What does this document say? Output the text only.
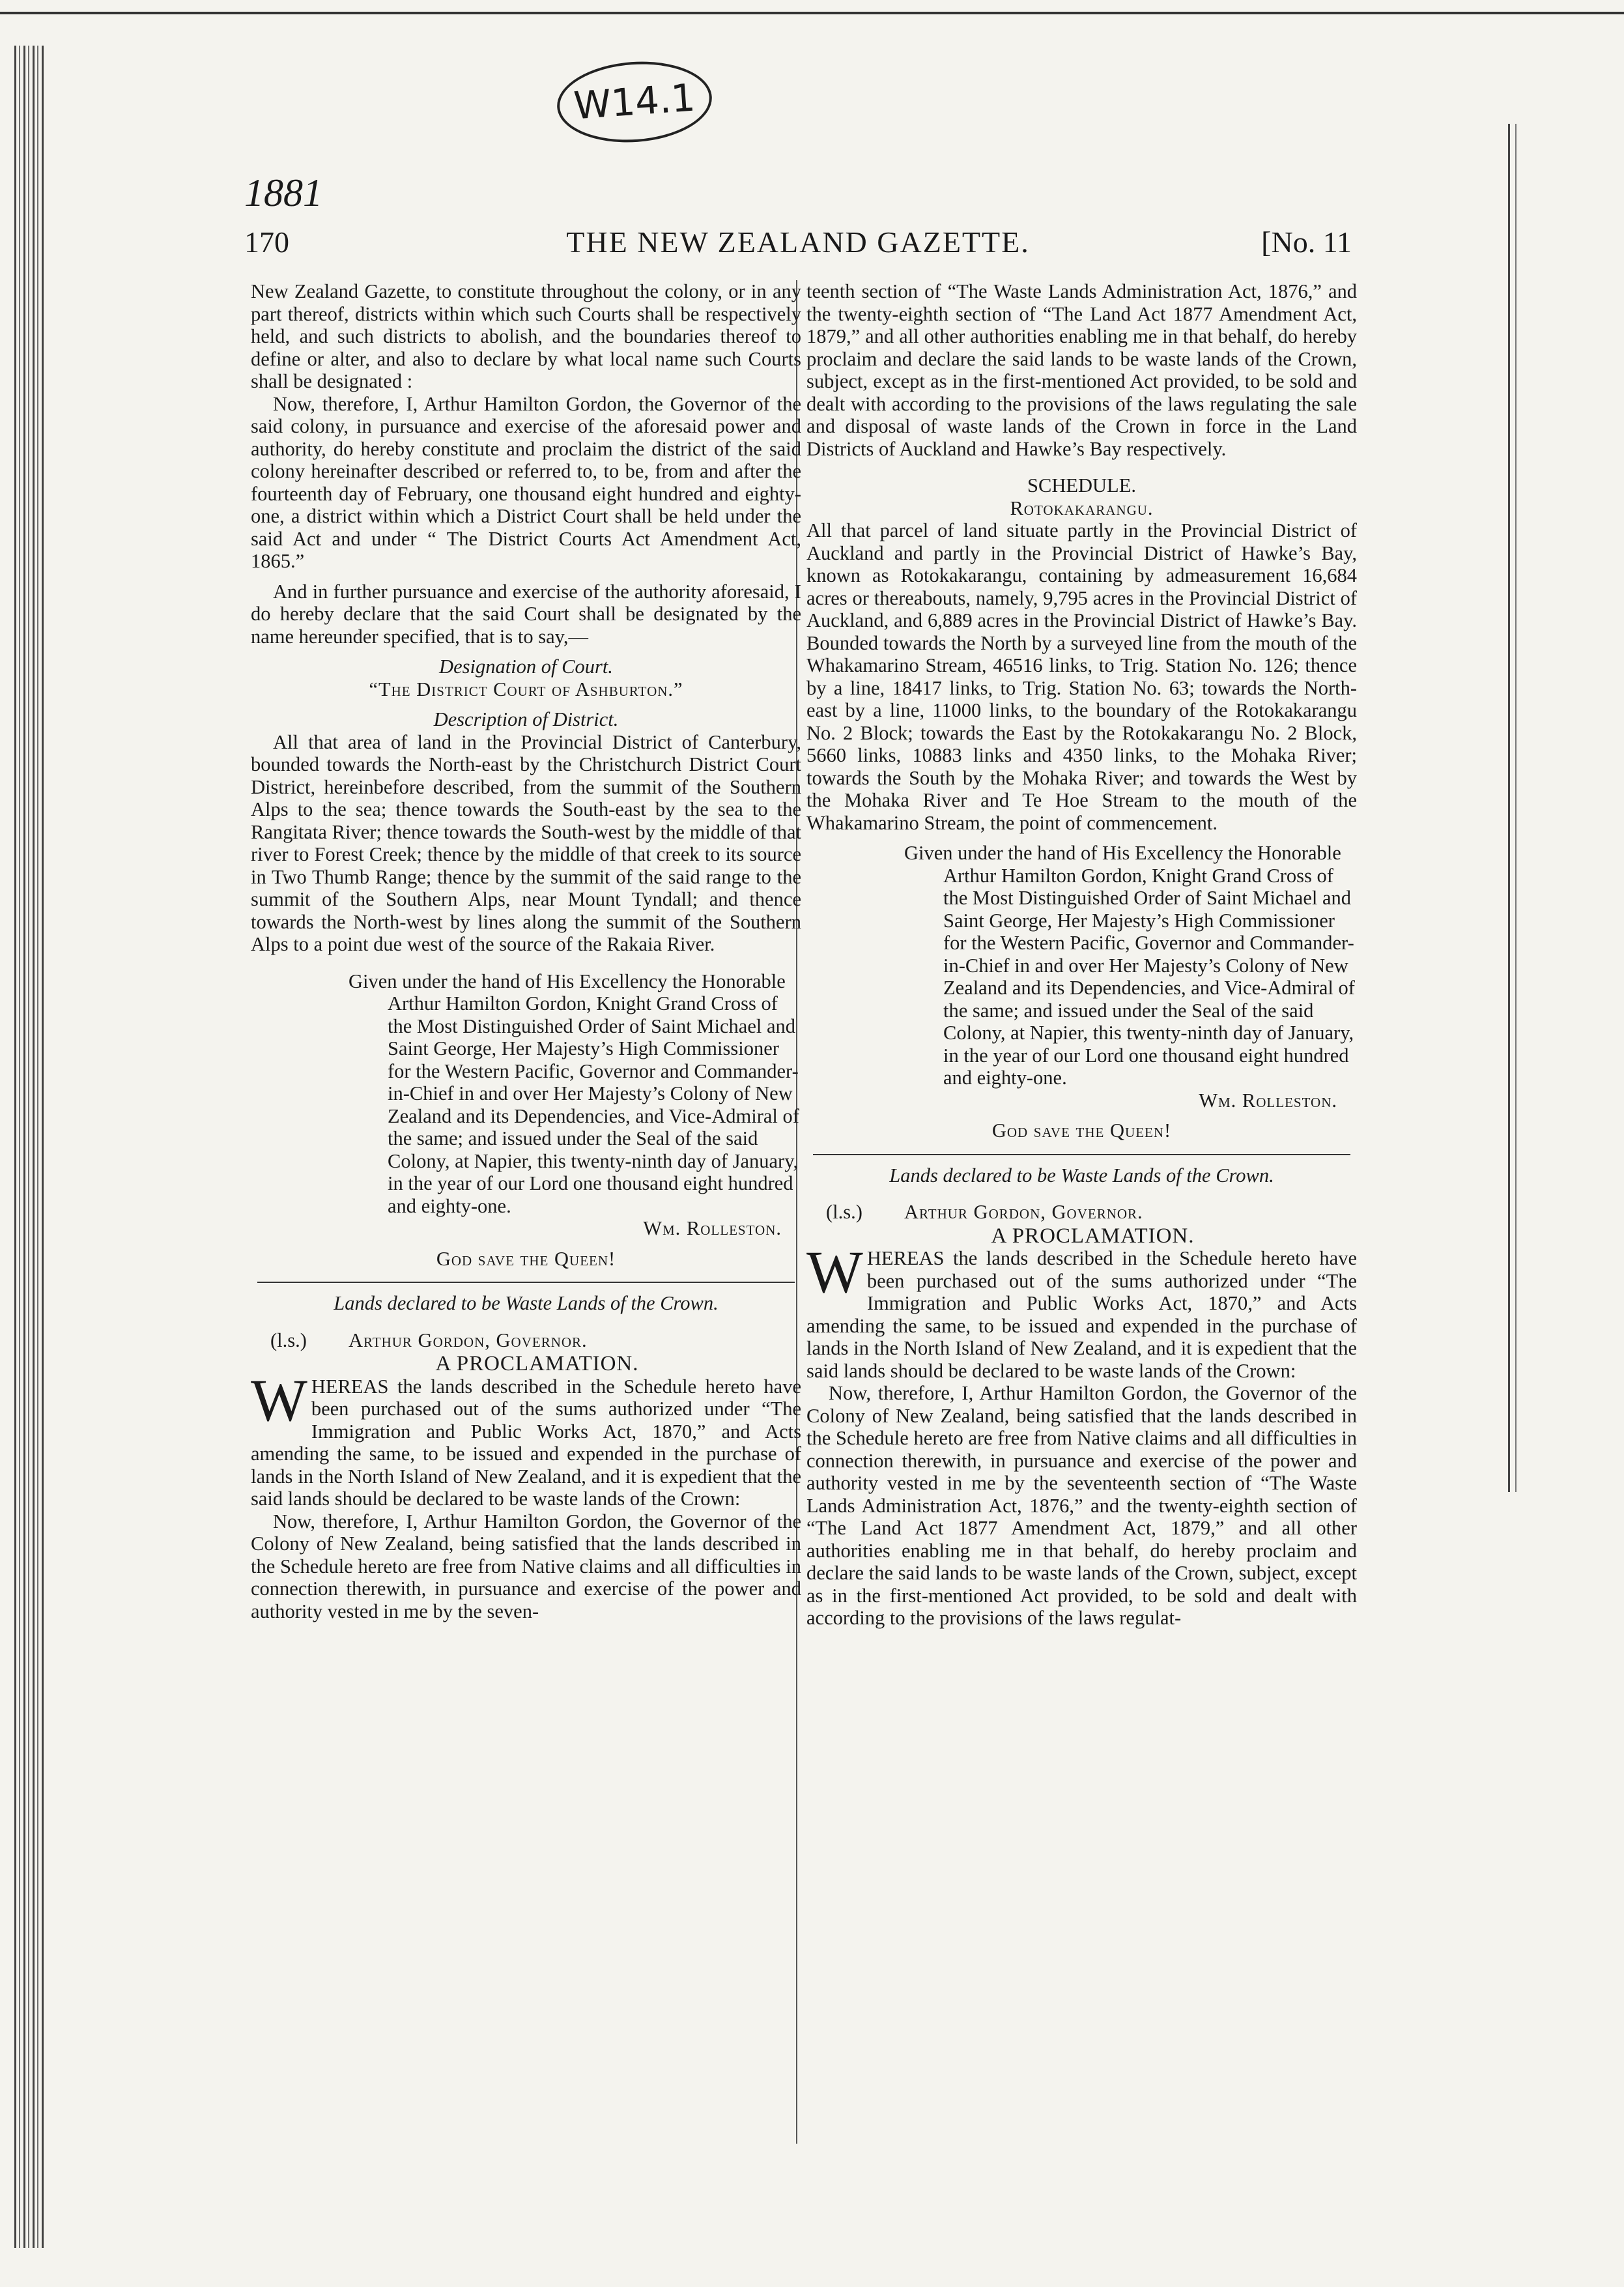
W14.1
1881
170	THE NEW ZEALAND GAZETTE.	[No. 11

New Zealand Gazette, to constitute throughout the colony, or in any part thereof, districts within which such Courts shall be respectively held, and such districts to abolish, and the boundaries thereof to define or alter, and also to declare by what local name such Courts shall be designated :

Now, therefore, I, Arthur Hamilton Gordon, the Governor of the said colony, in pursuance and exercise of the aforesaid power and authority, do hereby constitute and proclaim the district of the said colony hereinafter described or referred to, to be, from and after the fourteenth day of February, one thousand eight hundred and eighty-one, a district within which a District Court shall be held under the said Act and under “ The District Courts Act Amendment Act, 1865.”

And in further pursuance and exercise of the authority aforesaid, I do hereby declare that the said Court shall be designated by the name hereunder specified, that is to say,—

Designation of Court.

“The District Court of Ashburton.”

Description of District.

All that area of land in the Provincial District of Canterbury, bounded towards the North-east by the Christchurch District Court District, hereinbefore described, from the summit of the Southern Alps to the sea; thence towards the South-east by the sea to the Rangitata River; thence towards the South-west by the middle of that river to Forest Creek; thence by the middle of that creek to its source in Two Thumb Range; thence by the summit of the said range to the summit of the Southern Alps, near Mount Tyndall; and thence towards the North-west by lines along the summit of the Southern Alps to a point due west of the source of the Rakaia River.

Given under the hand of His Excellency the Honorable Arthur Hamilton Gordon, Knight Grand Cross of the Most Distinguished Order of Saint Michael and Saint George, Her Majesty’s High Commissioner for the Western Pacific, Governor and Commander-in-Chief in and over Her Majesty’s Colony of New Zealand and its Dependencies, and Vice-Admiral of the same; and issued under the Seal of the said Colony, at Napier, this twenty-ninth day of January, in the year of our Lord one thousand eight hundred and eighty-one.

Wm. Rolleston.

God save the Queen!

Lands declared to be Waste Lands of the Crown.

(l.s.) Arthur Gordon, Governor.

A PROCLAMATION.

WHEREAS the lands described in the Schedule hereto have been purchased out of the sums authorized under “The Immigration and Public Works Act, 1870,” and Acts amending the same, to be issued and expended in the purchase of lands in the North Island of New Zealand, and it is expedient that the said lands should be declared to be waste lands of the Crown:

Now, therefore, I, Arthur Hamilton Gordon, the Governor of the Colony of New Zealand, being satisfied that the lands described in the Schedule hereto are free from Native claims and all difficulties in connection therewith, in pursuance and exercise of the power and authority vested in me by the seven-

teenth section of “The Waste Lands Administration Act, 1876,” and the twenty-eighth section of “The Land Act 1877 Amendment Act, 1879,” and all other authorities enabling me in that behalf, do hereby proclaim and declare the said lands to be waste lands of the Crown, subject, except as in the first-mentioned Act provided, to be sold and dealt with according to the provisions of the laws regulating the sale and disposal of waste lands of the Crown in force in the Land Districts of Auckland and Hawke’s Bay respectively.

SCHEDULE.

Rotokakarangu.

All that parcel of land situate partly in the Provincial District of Auckland and partly in the Provincial District of Hawke’s Bay, known as Rotokakarangu, containing by admeasurement 16,684 acres or thereabouts, namely, 9,795 acres in the Provincial District of Auckland, and 6,889 acres in the Provincial District of Hawke’s Bay. Bounded towards the North by a surveyed line from the mouth of the Whakamarino Stream, 46516 links, to Trig. Station No. 126; thence by a line, 18417 links, to Trig. Station No. 63; towards the North-east by a line, 11000 links, to the boundary of the Rotokakarangu No. 2 Block; towards the East by the Rotokakarangu No. 2 Block, 5660 links, 10883 links and 4350 links, to the Mohaka River; towards the South by the Mohaka River; and towards the West by the Mohaka River and Te Hoe Stream to the mouth of the Whakamarino Stream, the point of commencement.

Given under the hand of His Excellency the Honorable Arthur Hamilton Gordon, Knight Grand Cross of the Most Distinguished Order of Saint Michael and Saint George, Her Majesty’s High Commissioner for the Western Pacific, Governor and Commander-in-Chief in and over Her Majesty’s Colony of New Zealand and its Dependencies, and Vice-Admiral of the same; and issued under the Seal of the said Colony, at Napier, this twenty-ninth day of January, in the year of our Lord one thousand eight hundred and eighty-one.

Wm. Rolleston.

God save the Queen!

Lands declared to be Waste Lands of the Crown.

(l.s.) Arthur Gordon, Governor.

A PROCLAMATION.

WHEREAS the lands described in the Schedule hereto have been purchased out of the sums authorized under “The Immigration and Public Works Act, 1870,” and Acts amending the same, to be issued and expended in the purchase of lands in the North Island of New Zealand, and it is expedient that the said lands should be declared to be waste lands of the Crown:

Now, therefore, I, Arthur Hamilton Gordon, the Governor of the Colony of New Zealand, being satisfied that the lands described in the Schedule hereto are free from Native claims and all difficulties in connection therewith, in pursuance and exercise of the power and authority vested in me by the seventeenth section of “The Waste Lands Administration Act, 1876,” and the twenty-eighth section of “The Land Act 1877 Amendment Act, 1879,” and all other authorities enabling me in that behalf, do hereby proclaim and declare the said lands to be waste lands of the Crown, subject, except as in the first-mentioned Act provided, to be sold and dealt with according to the provisions of the laws regulat-
